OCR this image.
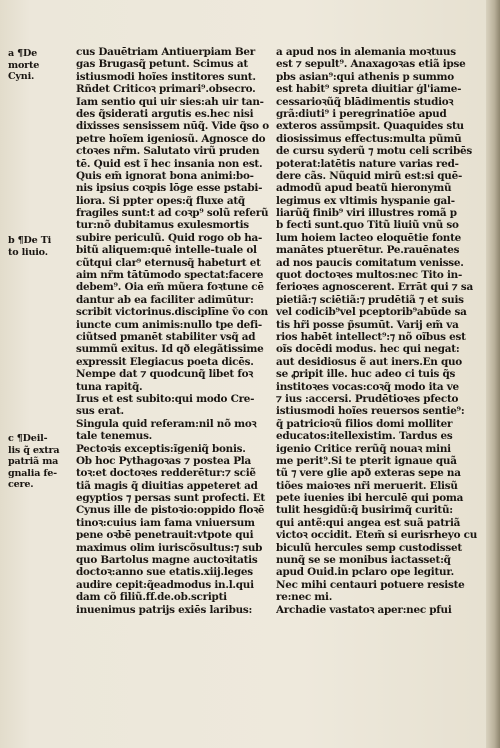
a ¶De
morte
Cyni.
b ¶De Ti
to liuio.
c ¶Deil-
lis q̃ extra
patriã ma
gnalia fe-
cere.
cus Dauētriam Antiuerpiam Ber
gas Brugasq̃ petunt. Scimus at
istiusmodi hoĩes institores sunt.
Rñdet Criticoꝛ primari⁹.obsecro.
Iam sentio qui uir sies:ah uir tan-
des q̃siderati argutis es.hec nisi
dixisses sensissem nūq̃. Vide q̃so o
petre hoĩem igeniosũ. Agnosce do
ctoꝛes nr̃m. Salutato virũ pruden
tē. Quid est ĩ hec insania non est.
Quis em̃ ignorat bona animi:bo-
nis ipsius coꝛpis lōge esse pstabi-
liora. Si ppter opes:q̃ fluxe atq̃
fragiles sunt:t ad coꝛp⁹ solũ referũ
tur:nõ dubitamus exulesmortis
subire periculũ. Quid rogo ob ha-
bitũ aliquem:quē intelle-tuale ol
cũtqui clar⁹ eternusq̃ habeturt et
aim nr̃m tātūmodo spectat:facere
debem⁹. Oia em̃ mũera foꝛtune cē
dantur ab ea faciliter adimūtur:
scribit victorinus.disciplīne ṽo con
iuncte cum animis:nullo tpe defi-
ciũtsed pmanēt stabiliter vsq̃ ad
summũ exitus. Id qð elegãtissime
expressit Elegiacus poeta dicēs.
Nempe dat ⁊ quodcunq̃ libet foꝛ
tuna rapitq̃.
Irus et est subito:qui modo Cre-
sus erat.
Singula quid referam:nil nõ moꝛ
tale tenemus.
Pectoꝛis exceptis:ĩgeniq̃ bonis.
Ob hoc Pythagoꝛas ⁊ postea Pla
toꝛ:et doctoꝛes redderētur:⁊ sciẽ
tiã magis q̃ diuitias appeteret ad
egyptios ⁊ persas sunt profecti. Et
Cynus ille de pistoꝛio:oppido floꝛē
tinoꝛ:cuius iam fama vniuersum
pene oꝛbē penetrauit:vtpote qui
maximus olim iuriscõsultus:⁊ sub
quo Bartolus magne auctoꝛitatis
doctoꝛ:anno sue etatis.xiij.leges
audire cepit:q̃eadmodus in.l.qui
dam cõ filiũ.ff.de.ob.scripti
inuenimus patrijs exiēs laribus:
a apud nos in alemania moꝛtuus
est ⁊ sepult⁹. Anaxagoꝛas etiã ipse
pbs asian⁹:qui athenis p summo
est habit⁹ spreta diuitiar ģl'iame-
cessarioꝛũq̃ blādimentis studioꝛ
grã:diuti⁹ i peregrinatiōe apud
exteros assũmpsit. Quaquides stu
diosissimus effectus:multa pũmū
de cursu syderũ ⁊ motu celi scribēs
poterat:latētis nature varias red-
dere cãs. Nũquid mirũ est:si quē-
admodũ apud beatũ hieronymũ
legimus ex vltimis hyspanie gal-
liarũq̃ finib⁹ viri illustres romã p
b fecti sunt.quo Titũ liuiũ vnũ so
lum hoiem lacteo eloquētie fonte
manātes ptuerētur. Pe.rauēnates
ad nos paucis comitatum venisse.
quot doctoꝛes multos:nec Tito in-
ferioꝛes agnoscerent. Errāt qui ⁊ sa
pietiã:⁊ sciētiã:⁊ prudētiã ⁊ et suis
vel codicib⁹vel pceptorib⁹abūde sa
tis hr̃i posse p̃sumūt. Varij em̃ va
rios habēt intellect⁹:⁊ nõ oĩbus est
oĩs docēdi modus. hec qui negat:
aut desidiosus ẽ aut iners.En quo
se ꝓripit ille. huc adeo ci tuis q̃s
institoꝛes vocas:coꝛq̃ modo ita ve
⁊ ius :accersi. Prudētioꝛes pfecto
istiusmodi hoĩes reuersos sentie⁹:
q̃ patricioꝛũ filios domi molliter
educatos:itellexistim. Tardus es
igenio Critice rerũq̃ nouaꝛ mini
me perit⁹.Si te pterit ignaue quã
tũ ⁊ vere glie apð exteras sepe na
tiões maioꝛes nr̃i meruerit. Elisũ
pete iuenies ibi herculē qui poma
tulit hesgidũ:q̃ busirimq̃ curitũ:
qui antẽ:qui angea est suã patriã
victoꝛ occidit. Etem̃ si eurisrheyo cu
biculũ hercules semp custodisset
nunq̃ se se monibus iactasset:q̃
apud Ouid.in pclaro ope legitur.
Nec mihi centauri potuere resiste
re:nec mi.
Archadie vastatoꝛ aper:nec pfui
